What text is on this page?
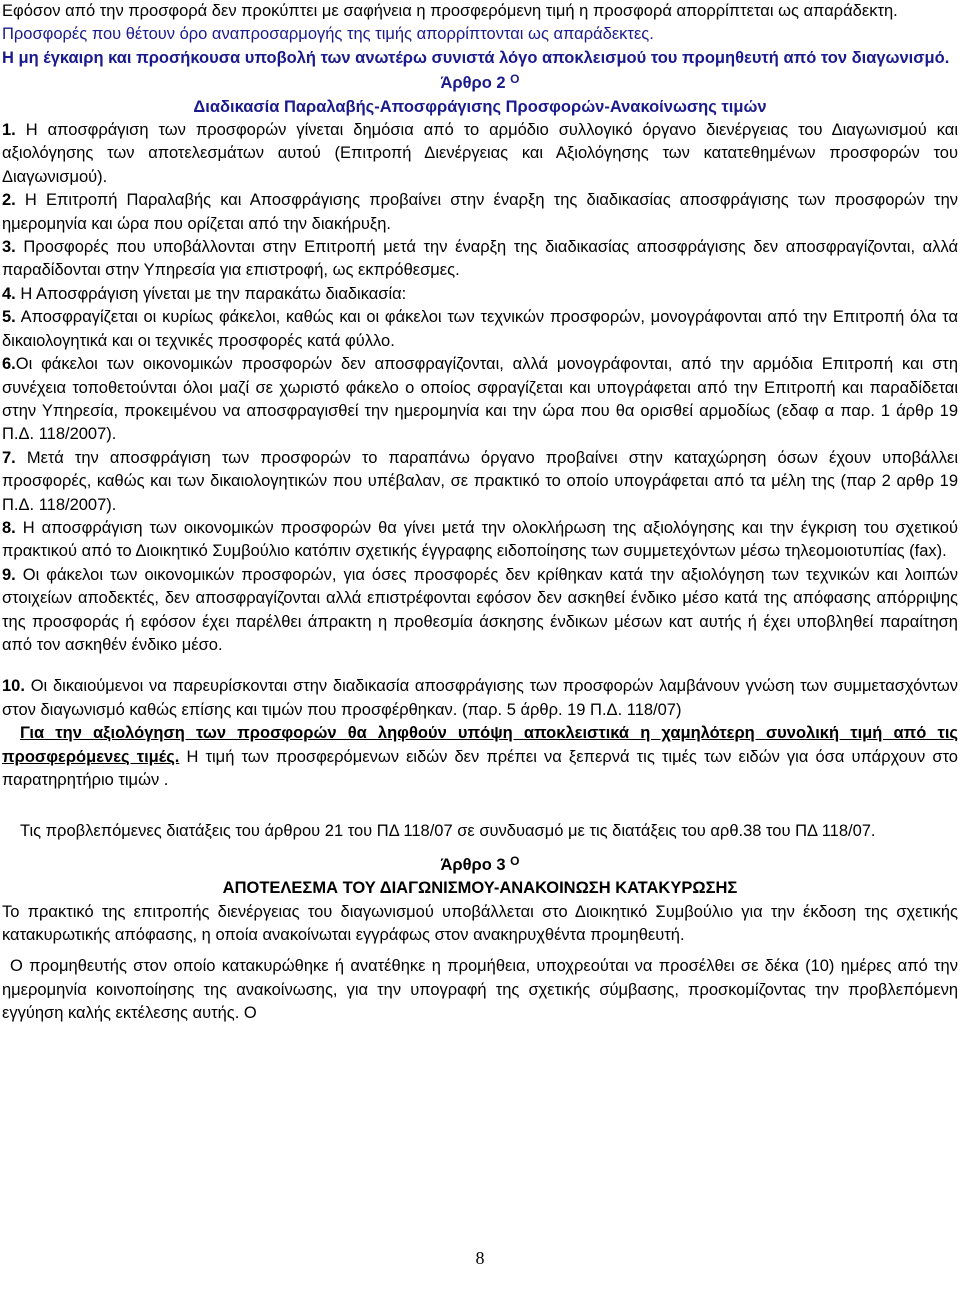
Εφόσον από την προσφορά δεν προκύπτει με σαφήνεια η προσφερόμενη τιμή η προσφορά απορρίπτεται ως απαράδεκτη.

Προσφορές που θέτουν όρο αναπροσαρμογής της τιμής απορρίπτονται ως απαράδεκτες.

Η μη έγκαιρη και προσήκουσα υποβολή των ανωτέρω συνιστά λόγο αποκλεισμού του προμηθευτή από τον διαγωνισμό.

Άρθρο 2 $^O$

Διαδικασία Παραλαβής-Αποσφράγισης Προσφορών-Ανακοίνωσης τιμών

1. Η αποσφράγιση των προσφορών γίνεται δημόσια από το αρμόδιο συλλογικό όργανο διενέργειας του Διαγωνισμού και αξιολόγησης των αποτελεσμάτων αυτού (Επιτροπή Διενέργειας και Αξιολόγησης των κατατεθημένων προσφορών του Διαγωνισμού).

2. Η Επιτροπή Παραλαβής και Αποσφράγισης προβαίνει στην έναρξη της διαδικασίας αποσφράγισης των προσφορών την ημερομηνία και ώρα που ορίζεται από την διακήρυξη.

3. Προσφορές που υποβάλλονται στην Επιτροπή μετά την έναρξη της διαδικασίας αποσφράγισης δεν αποσφραγίζονται, αλλά παραδίδονται στην Υπηρεσία για επιστροφή, ως εκπρόθεσμες.

4. Η Αποσφράγιση γίνεται με την παρακάτω διαδικασία:

5. Αποσφραγίζεται οι κυρίως φάκελοι, καθώς και οι φάκελοι των τεχνικών προσφορών, μονογράφονται από την Επιτροπή όλα τα δικαιολογητικά και οι τεχνικές προσφορές κατά φύλλο.

6.Οι φάκελοι των οικονομικών προσφορών δεν αποσφραγίζονται, αλλά μονογράφονται, από την αρμόδια Επιτροπή και στη συνέχεια τοποθετούνται όλοι μαζί σε χωριστό φάκελο ο οποίος σφραγίζεται και υπογράφεται από την Επιτροπή και παραδίδεται στην Υπηρεσία, προκειμένου να αποσφραγισθεί την ημερομηνία και την ώρα που θα ορισθεί αρμοδίως (εδαφ α παρ. 1 άρθρ 19 Π.Δ. 118/2007).

7. Μετά την αποσφράγιση των προσφορών το παραπάνω όργανο προβαίνει στην καταχώρηση όσων έχουν υποβάλλει προσφορές, καθώς και των δικαιολογητικών που υπέβαλαν, σε πρακτικό το οποίο υπογράφεται από τα μέλη της (παρ 2 αρθρ 19 Π.Δ. 118/2007).

8. Η αποσφράγιση των οικονομικών προσφορών θα γίνει μετά την ολοκλήρωση της αξιολόγησης και την έγκριση του σχετικού πρακτικού από το Διοικητικό Συμβούλιο κατόπιν σχετικής έγγραφης ειδοποίησης των συμμετεχόντων μέσω τηλεομοιοτυπίας (fax).

9. Οι φάκελοι των οικονομικών προσφορών, για όσες προσφορές δεν κρίθηκαν κατά την αξιολόγηση των τεχνικών και λοιπών στοιχείων αποδεκτές, δεν αποσφραγίζονται αλλά επιστρέφονται εφόσον δεν ασκηθεί ένδικο μέσο κατά της απόφασης απόρριψης της προσφοράς ή εφόσον έχει παρέλθει άπρακτη η προθεσμία άσκησης ένδικων μέσων κατ αυτής ή έχει υποβληθεί παραίτηση από τον ασκηθέν ένδικο μέσο.

10. Οι δικαιούμενοι να παρευρίσκονται στην διαδικασία αποσφράγισης των προσφορών λαμβάνουν γνώση των συμμετασχόντων στον διαγωνισμό καθώς επίσης και τιμών που προσφέρθηκαν. (παρ. 5 άρθρ. 19 Π.Δ. 118/07)

Για την αξιολόγηση των προσφορών θα ληφθούν υπόψη αποκλειστικά η χαμηλότερη συνολική τιμή από τις προσφερόμενες τιμές. Η τιμή των προσφερόμενων ειδών δεν πρέπει να ξεπερνά τις τιμές των ειδών για όσα υπάρχουν στο παρατηρητήριο τιμών .

Τις προβλεπόμενες διατάξεις του άρθρου 21 του ΠΔ 118/07 σε συνδυασμό με τις διατάξεις του αρθ.38 του ΠΔ 118/07.

Άρθρο 3 $^O$

ΑΠΟΤΕΛΕΣΜΑ ΤΟΥ ΔΙΑΓΩΝΙΣΜΟΥ-ΑΝΑΚΟΙΝΩΣΗ ΚΑΤΑΚΥΡΩΣΗΣ

Το πρακτικό της επιτροπής διενέργειας του διαγωνισμού υποβάλλεται στο Διοικητικό Συμβούλιο για την έκδοση της σχετικής κατακυρωτικής απόφασης, η οποία ανακοίνωται εγγράφως στον ανακηρυχθέντα προμηθευτή.

Ο προμηθευτής στον οποίο κατακυρώθηκε ή ανατέθηκε η προμήθεια, υποχρεούται να προσέλθει σε δέκα (10) ημέρες από την ημερομηνία κοινοποίησης της ανακοίνωσης, για την υπογραφή της σχετικής σύμβασης, προσκομίζοντας την προβλεπόμενη εγγύηση καλής εκτέλεσης αυτής. Ο

8
